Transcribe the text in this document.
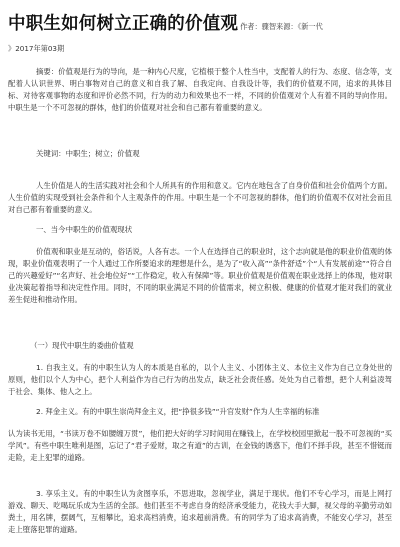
中职生如何树立正确的价值观 作者：骤智来源：《新一代
》2017年第03期

摘要：价值观是行为的导向，是一种内心尺度，它植根于整个人性当中，支配着人的行为、态度、信念等，支配着人认识世界、明白事物对自己的意义和自我了解、自我定向、自我设计等，我们的价值观不同，追求的具体目标、对待客观事物的态度和评价必然不同，行为的动力和效果也不一样，不同的价值观对个人有着不同的导向作用。中职生是一个不可忽视的群体，他们的价值观对社会和自己都有着重要的意义。

关键词：中职生；树立；价值观

人生价值是人的生活实践对社会和个人所具有的作用和意义。它内在地包含了自身价值和社会价值两个方面。人生价值的实现受到社会条件和个人主观条件的作用。中职生是一个不可忽视的群体，他们的价值观不仅对社会而且对自己都有着重要的意义。

一、当今中职生的价值观现状

价值观和职业是互动的，俗话说，人各有志。一个人在选择自己的职业时，这个志向就是他的职业价值观的体现，职业价值观表明了一个人通过工作所要追求的理想是什么，是为了“收入高”“条件舒适”个“人有发展前途”“符合自己的兴趣爱好”“名声好、社会地位好”“工作稳定，收入有保障”等。职业价值观是价值观在职业选择上的体现，他对职业决策起着指导和决定性作用。同时，不同的职业满足不同的价值需求，树立积极、健康的价值观才能对我们的就业差生促进和推动作用。

（一）现代中职生的委曲价值观

1. 自我主义。有的中职生认为人的本质是自私的，以个人主义、小团体主义、本位主义作为自己立身处世的原则，他们以个人为中心，把个人利益作为自己行为的出发点，缺乏社会责任感。处处为自己着想，把个人利益凌驾于社会、集体、他人之上。

2. 拜金主义。有的中职生崇尚拜金主义，把“挣很多钱”“升官发财”作为人生幸福的标准

认为读书无用，“书读万卷不如腰缠万贯”，他们把大好的学习时间用在赚钱上，在学校校园里掀起一股不可忽视的“买学风”。有些中职生唯利是图，忘记了“君子爱财，取之有道”的古训，在金钱的诱惑下，他们不择手段，甚至不惜铤而走险，走上犯罪的道路。

3. 享乐主义。有的中职生认为贪图享乐，不思进取，忽视学业，满足于现状。他们不专心学习，而是上网打游戏、聊天、吃喝玩乐成为生活的全部。他们甚至不考虑自身的经济承受能力，花钱大手大脚，视父母的辛勤劳动如粪土，用名牌，摆阔气，互相攀比，追求高档消费，追求超前消费。有的同学为了追求高消费，不能安心学习，甚至走上堕落犯罪的道路。
